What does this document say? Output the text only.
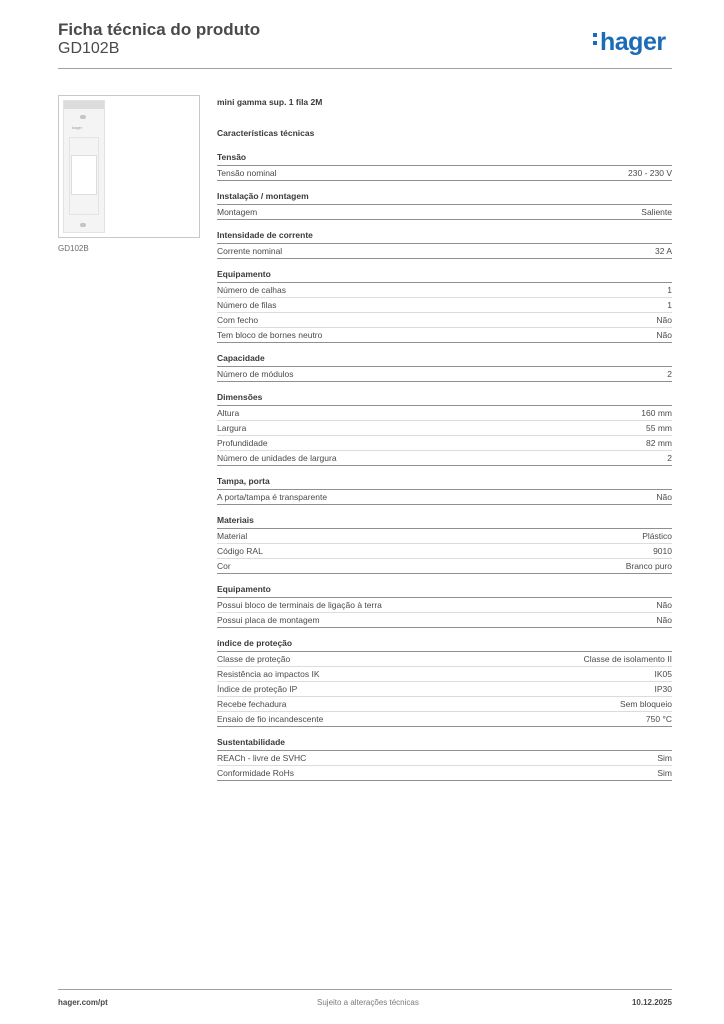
Ficha técnica do produto
GD102B	hager
hager
GD102B
mini gamma sup. 1 fila 2M
Características técnicas
Tensão
Tensão nominal	230 - 230 V
Instalação / montagem
Montagem	Saliente
Intensidade de corrente
Corrente nominal	32 A
Equipamento
Número de calhas	1
Número de filas	1
Com fecho	Não
Tem bloco de bornes neutro	Não
Capacidade
Número de módulos	2
Dimensões
Altura	160 mm
Largura	55 mm
Profundidade	82 mm
Número de unidades de largura	2
Tampa, porta
A porta/tampa é transparente	Não
Materiais
Material	Plástico
Código RAL	9010
Cor	Branco puro
Equipamento
Possui bloco de terminais de ligação à terra	Não
Possui placa de montagem	Não
índice de proteção
Classe de proteção	Classe de isolamento II
Resistência ao impactos IK	IK05
Índice de proteção IP	IP30
Recebe fechadura	Sem bloqueio
Ensaio de fio incandescente	750 °C
Sustentabilidade
REACh - livre de SVHC	Sim
Conformidade RoHs	Sim
hager.com/pt	Sujeito a alterações técnicas	10.12.2025
